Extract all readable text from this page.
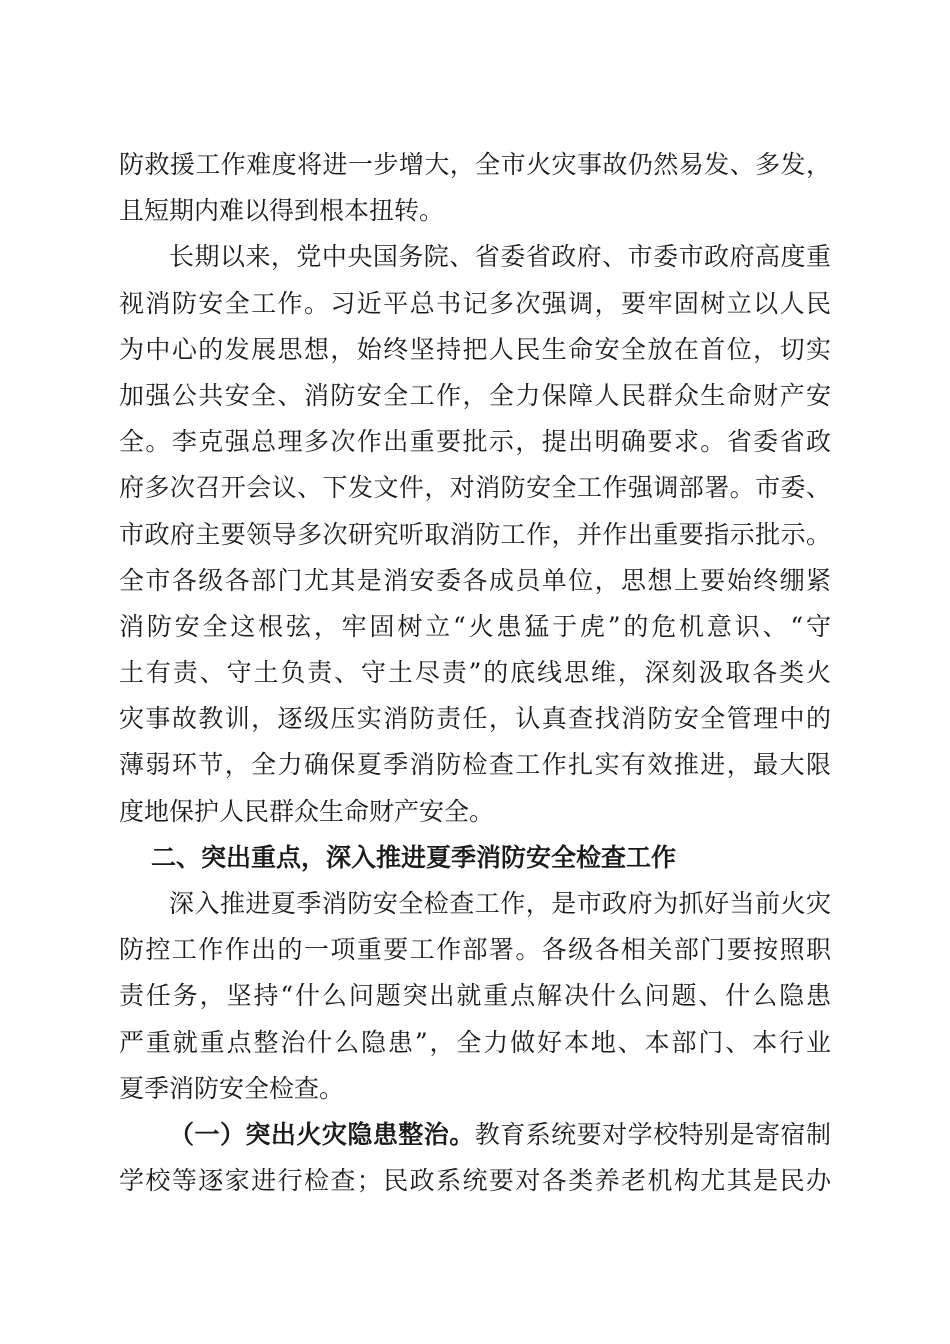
防救援工作难度将进一步增大，全市火灾事故仍然易发、多发，
且短期内难以得到根本扭转。
长期以来，党中央国务院、省委省政府、市委市政府高度重
视消防安全工作。习近平总书记多次强调，要牢固树立以人民
为中心的发展思想，始终坚持把人民生命安全放在首位，切实
加强公共安全、消防安全工作，全力保障人民群众生命财产安
全。李克强总理多次作出重要批示，提出明确要求。省委省政
府多次召开会议、下发文件，对消防安全工作强调部署。市委、
市政府主要领导多次研究听取消防工作，并作出重要指示批示。
全市各级各部门尤其是消安委各成员单位，思想上要始终绷紧
消防安全这根弦，牢固树立“火患猛于虎”的危机意识、“守
土有责、守土负责、守土尽责”的底线思维，深刻汲取各类火
灾事故教训，逐级压实消防责任，认真查找消防安全管理中的
薄弱环节，全力确保夏季消防检查工作扎实有效推进，最大限
度地保护人民群众生命财产安全。
二、突出重点，深入推进夏季消防安全检查工作
深入推进夏季消防安全检查工作，是市政府为抓好当前火灾
防控工作作出的一项重要工作部署。各级各相关部门要按照职
责任务，坚持“什么问题突出就重点解决什么问题、什么隐患
严重就重点整治什么隐患”，全力做好本地、本部门、本行业
夏季消防安全检查。
（一）突出火灾隐患整治。教育系统要对学校特别是寄宿制
学校等逐家进行检查；民政系统要对各类养老机构尤其是民办
